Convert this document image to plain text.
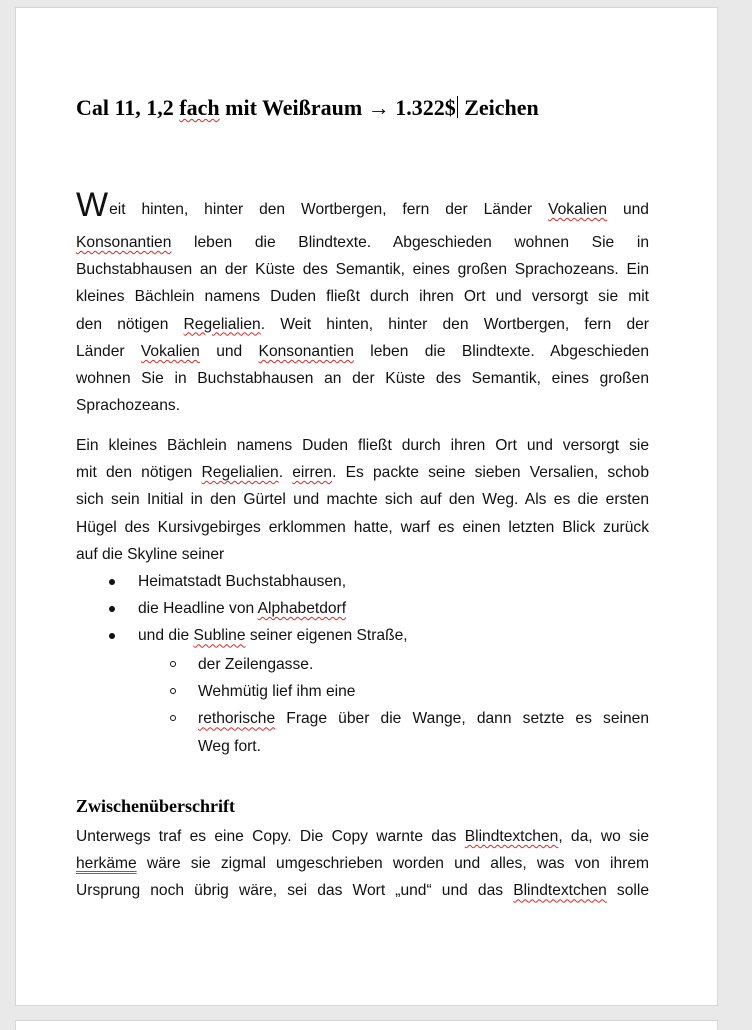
Cal 11, 1,2 fach mit Weißraum → 1.322$ Zeichen

Weit hinten, hinter den Wortbergen, fern der Länder Vokalien und
Konsonantien leben die Blindtexte. Abgeschieden wohnen Sie in
Buchstabhausen an der Küste des Semantik, eines großen Sprachozeans. Ein
kleines Bächlein namens Duden fließt durch ihren Ort und versorgt sie mit
den nötigen Regelialien. Weit hinten, hinter den Wortbergen, fern der
Länder Vokalien und Konsonantien leben die Blindtexte. Abgeschieden
wohnen Sie in Buchstabhausen an der Küste des Semantik, eines großen
Sprachozeans.

Ein kleines Bächlein namens Duden fließt durch ihren Ort und versorgt sie
mit den nötigen Regelialien. eirren. Es packte seine sieben Versalien, schob
sich sein Initial in den Gürtel und machte sich auf den Weg. Als es die ersten
Hügel des Kursivgebirges erklommen hatte, warf es einen letzten Blick zurück
auf die Skyline seiner

Heimatstadt Buchstabhausen,
die Headline von Alphabetdorf
und die Subline seiner eigenen Straße,
der Zeilengasse.
Wehmütig lief ihm eine
rethorische Frage über die Wange, dann setzte es seinen
Weg fort.
Zwischenüberschrift

Unterwegs traf es eine Copy. Die Copy warnte das Blindtextchen, da, wo sie
herkäme wäre sie zigmal umgeschrieben worden und alles, was von ihrem
Ursprung noch übrig wäre, sei das Wort „und“ und das Blindtextchen solle
